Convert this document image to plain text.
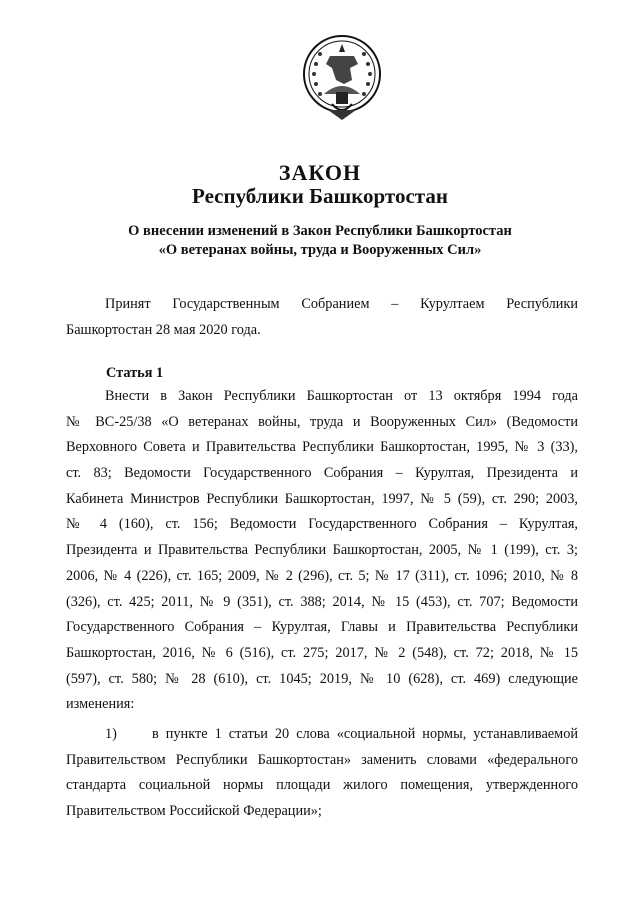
ЗАКОН
Республики Башкортостан
О внесении изменений в Закон Республики Башкортостан
«О ветеранах войны, труда и Вооруженных Сил»
Принят Государственным Собранием – Курултаем Республики
Башкортостан 28 мая 2020 года.
Статья 1
Внести в Закон Республики Башкортостан от 13 октября 1994 года
№ ВС-25/38 «О ветеранах войны, труда и Вооруженных Сил» (Ведомости
Верховного Совета и Правительства Республики Башкортостан, 1995, № 3 (33),
ст. 83; Ведомости Государственного Собрания – Курултая, Президента и
Кабинета Министров Республики Башкортостан, 1997, № 5 (59), ст. 290; 2003,
№ 4 (160), ст. 156; Ведомости Государственного Собрания – Курултая,
Президента и Правительства Республики Башкортостан, 2005, № 1 (199), ст. 3;
2006, № 4 (226), ст. 165; 2009, № 2 (296), ст. 5; № 17 (311), ст. 1096; 2010, № 8
(326), ст. 425; 2011, № 9 (351), ст. 388; 2014, № 15 (453), ст. 707; Ведомости
Государственного Собрания – Курултая, Главы и Правительства Республики
Башкортостан, 2016, № 6 (516), ст. 275; 2017, № 2 (548), ст. 72; 2018, № 15
(597), ст. 580; № 28 (610), ст. 1045; 2019, № 10 (628), ст. 469) следующие
изменения:
1)     в пункте 1 статьи 20 слова «социальной нормы, устанавливаемой
Правительством Республики Башкортостан» заменить словами «федерального
стандарта социальной нормы площади жилого помещения, утвержденного
Правительством Российской Федерации»;
